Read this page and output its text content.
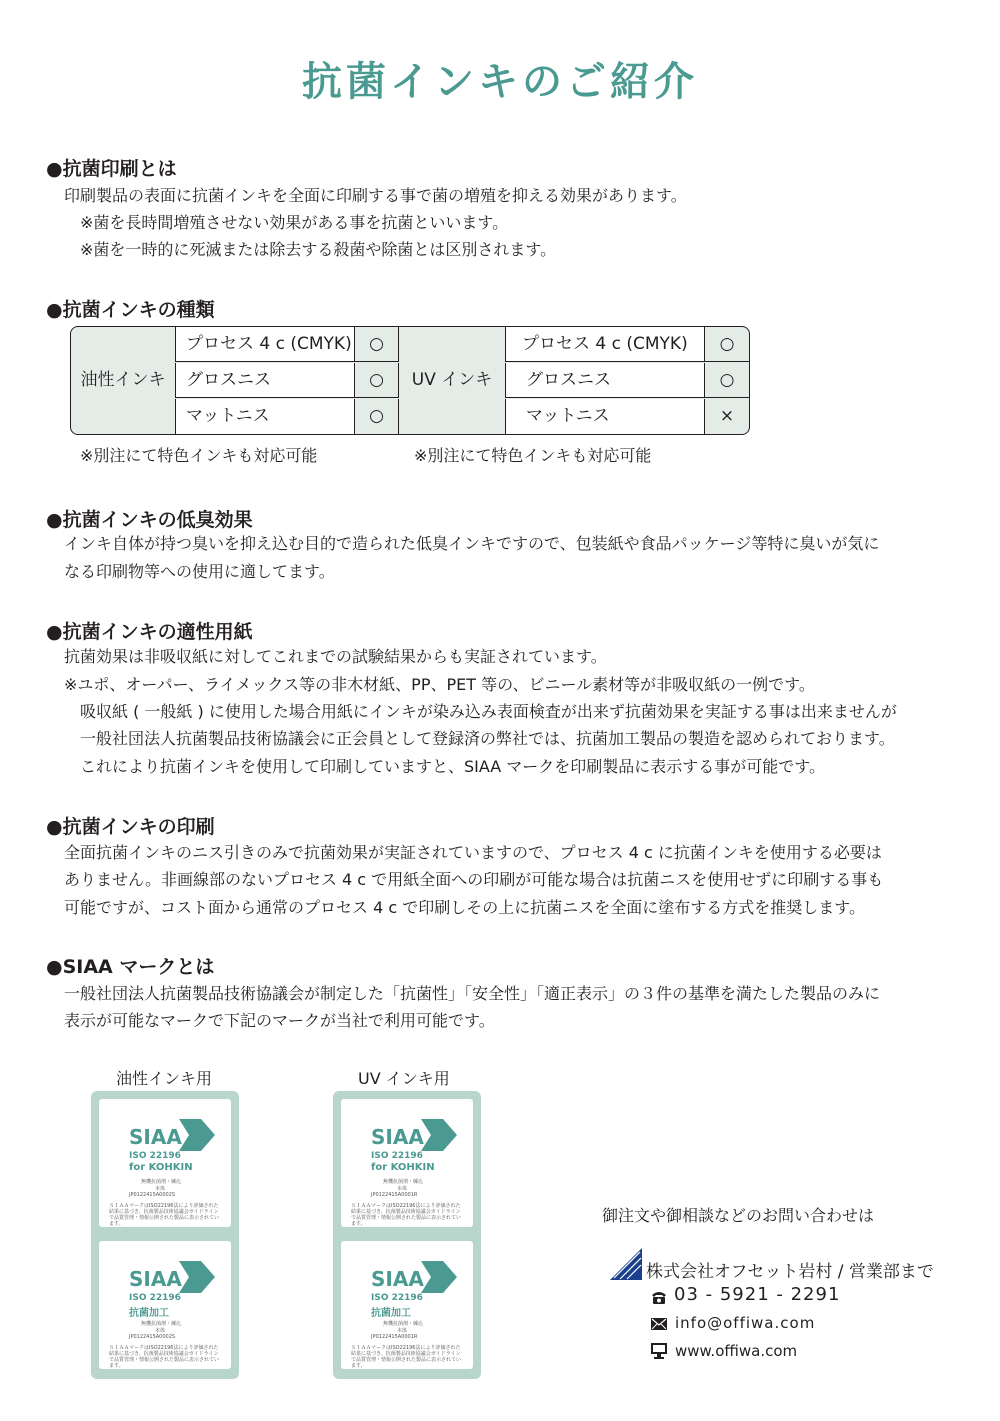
抗菌インキのご紹介
●抗菌印刷とは
印刷製品の表面に抗菌インキを全面に印刷する事で菌の増殖を抑える効果があります。
※菌を長時間増殖させない効果がある事を抗菌といいます。
※菌を一時的に死滅または除去する殺菌や除菌とは区別されます。
●抗菌インキの種類
油性インキ
プロセス 4 c (CMYK)
グロスニス
マットニス
○
○
○
UV インキ
プロセス 4 c (CMYK)
グロスニス
マットニス
○
○
×
※別注にて特色インキも対応可能	※別注にて特色インキも対応可能
●抗菌インキの低臭効果
インキ自体が持つ臭いを抑え込む目的で造られた低臭インキですので、包装紙や食品パッケージ等特に臭いが気に
なる印刷物等への使用に適してます。
●抗菌インキの適性用紙
抗菌効果は非吸収紙に対してこれまでの試験結果からも実証されています。
※ユポ、オーパー、ライメックス等の非木材紙、PP、PET 等の、ビニール素材等が非吸収紙の一例です。
吸収紙 ( 一般紙 ) に使用した場合用紙にインキが染み込み表面検査が出来ず抗菌効果を実証する事は出来ませんが
一般社団法人抗菌製品技術協議会に正会員として登録済の弊社では、抗菌加工製品の製造を認められております。
これにより抗菌インキを使用して印刷していますと、SIAA マークを印刷製品に表示する事が可能です。
●抗菌インキの印刷
全面抗菌インキのニス引きのみで抗菌効果が実証されていますので、プロセス 4 c に抗菌インキを使用する必要は
ありません。非画線部のないプロセス 4 c で用紙全面への印刷が可能な場合は抗菌ニスを使用せずに印刷する事も
可能ですが、コスト面から通常のプロセス 4 c で印刷しその上に抗菌ニスを全面に塗布する方式を推奨します。
●SIAA マークとは
一般社団法人抗菌製品技術協議会が制定した「抗菌性」「安全性」「適正表示」の３件の基準を満たした製品のみに
表示が可能なマークで下記のマークが当社で利用可能です。
油性インキ用	UV インキ用
SIAA
ISO 22196
for KOHKIN
無機抗菌剤・練込
本体
JP0122415A0002S
ＳＩＡＡマークはISO22196法により評価された結果に基づき、抗菌製品技術協議会ガイドラインで品質管理・情報公開された製品に表示されています。
SIAA
ISO 22196
抗菌加工
無機抗菌剤・練込
本体
JP0122415A0002S
ＳＩＡＡマークはISO22196法により評価された結果に基づき、抗菌製品技術協議会ガイドラインで品質管理・情報公開された製品に表示されています。
SIAA
ISO 22196
for KOHKIN
無機抗菌剤・練込
本体
JP0122415A0001R
ＳＩＡＡマークはISO22196法により評価された結果に基づき、抗菌製品技術協議会ガイドラインで品質管理・情報公開された製品に表示されています。
SIAA
ISO 22196
抗菌加工
無機抗菌剤・練込
本体
JP0122415A0001R
ＳＩＡＡマークはISO22196法により評価された結果に基づき、抗菌製品技術協議会ガイドラインで品質管理・情報公開された製品に表示されています。
御注文や御相談などのお問い合わせは
株式会社オフセット岩村 / 営業部まで
03 - 5921 - 2291
info@offiwa.com
www.offiwa.com
